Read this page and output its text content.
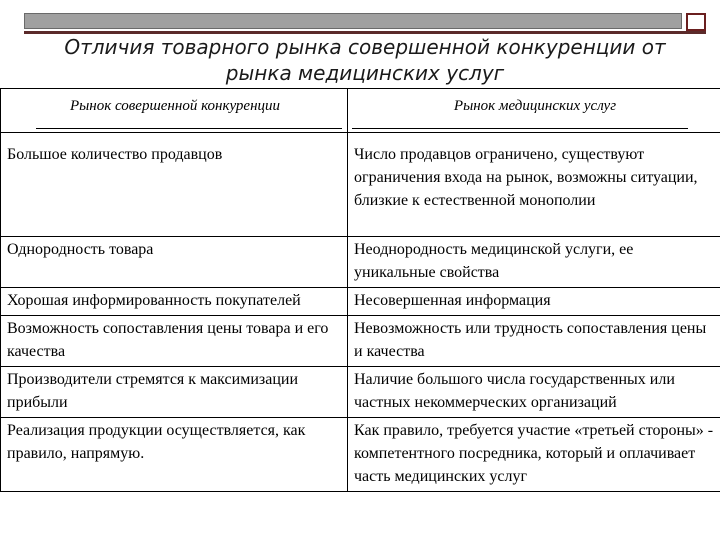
Отличия товарного рынка совершенной конкуренции от рынка медицинских услуг
Рынок совершенной конкуренции	Рынок медицинских услуг
Большое количество продавцов	Число продавцов ограничено, существуют ограничения входа на рынок, возможны ситуации, близкие к естественной монополии
Однородность товара	Неоднородность медицинской услуги, ее уникальные свойства
Хорошая информированность покупателей	Несовершенная информация
Возможность сопоставления цены товара и его качества	Невозможность или трудность сопоставления цены и качества
Производители стремятся к максимизации прибыли	Наличие большого числа государственных или частных некоммерческих организаций
Реализация продукции осуществляется, как правило, напрямую.	Как правило, требуется участие «третьей стороны» - компетентного посредника, который и оплачивает часть медицинских услуг
